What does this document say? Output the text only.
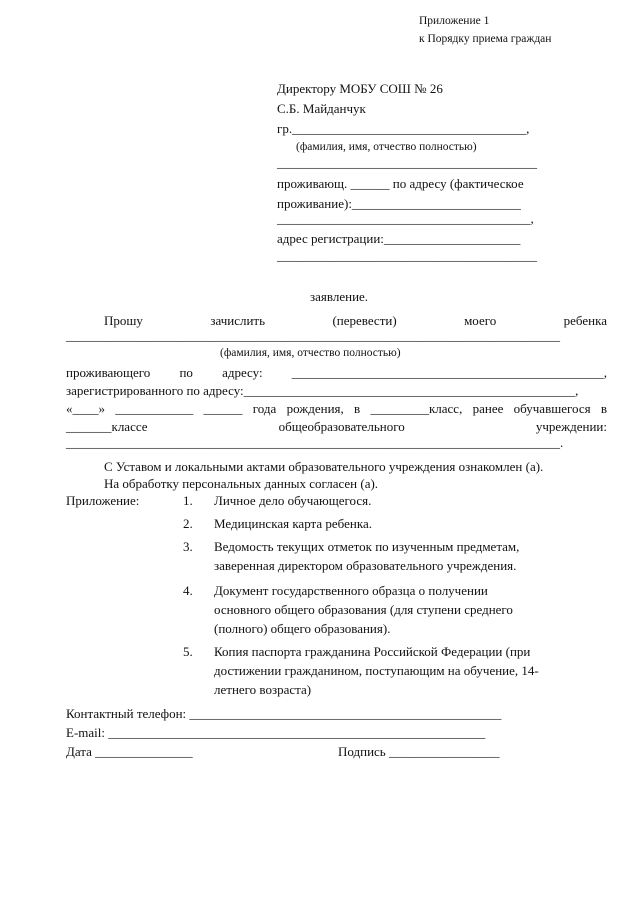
Приложение 1
к Порядку приема граждан
Директору МОБУ СОШ № 26
С.Б. Майданчук
гр.____________________________________,
(фамилия, имя, отчество полностью)
________________________________________
проживающ. ______ по адресу (фактическое
проживание):__________________________
_______________________________________,
адрес регистрации:_____________________
________________________________________
заявление.
Прошу	зачислить	(перевести)	моего	ребенка
____________________________________________________________________________
(фамилия, имя, отчество полностью)
проживающего по адресу: ________________________________________________,
зарегистрированного по адресу:___________________________________________________,
«____» ____________ ______ года рождения, в _________класс, ранее обучавшегося в
_______классе	общеобразовательного	учреждении:
____________________________________________________________________________.
С Уставом и локальными актами образовательного учреждения ознакомлен (а).
На обработку персональных данных согласен (а).
Приложение:	1. Личное дело обучающегося.
2. Медицинская карта ребенка.
3. Ведомость текущих отметок по изученным предметам,
заверенная директором образовательного учреждения.
4. Документ государственного образца о получении
основного общего образования (для ступени среднего
(полного) общего образования).
5. Копия паспорта гражданина Российской Федерации (при
достижении гражданином, поступающим на обучение, 14-
летнего возраста)
Контактный телефон: ________________________________________________
E-mail: __________________________________________________________
Дата _______________	Подпись _________________
